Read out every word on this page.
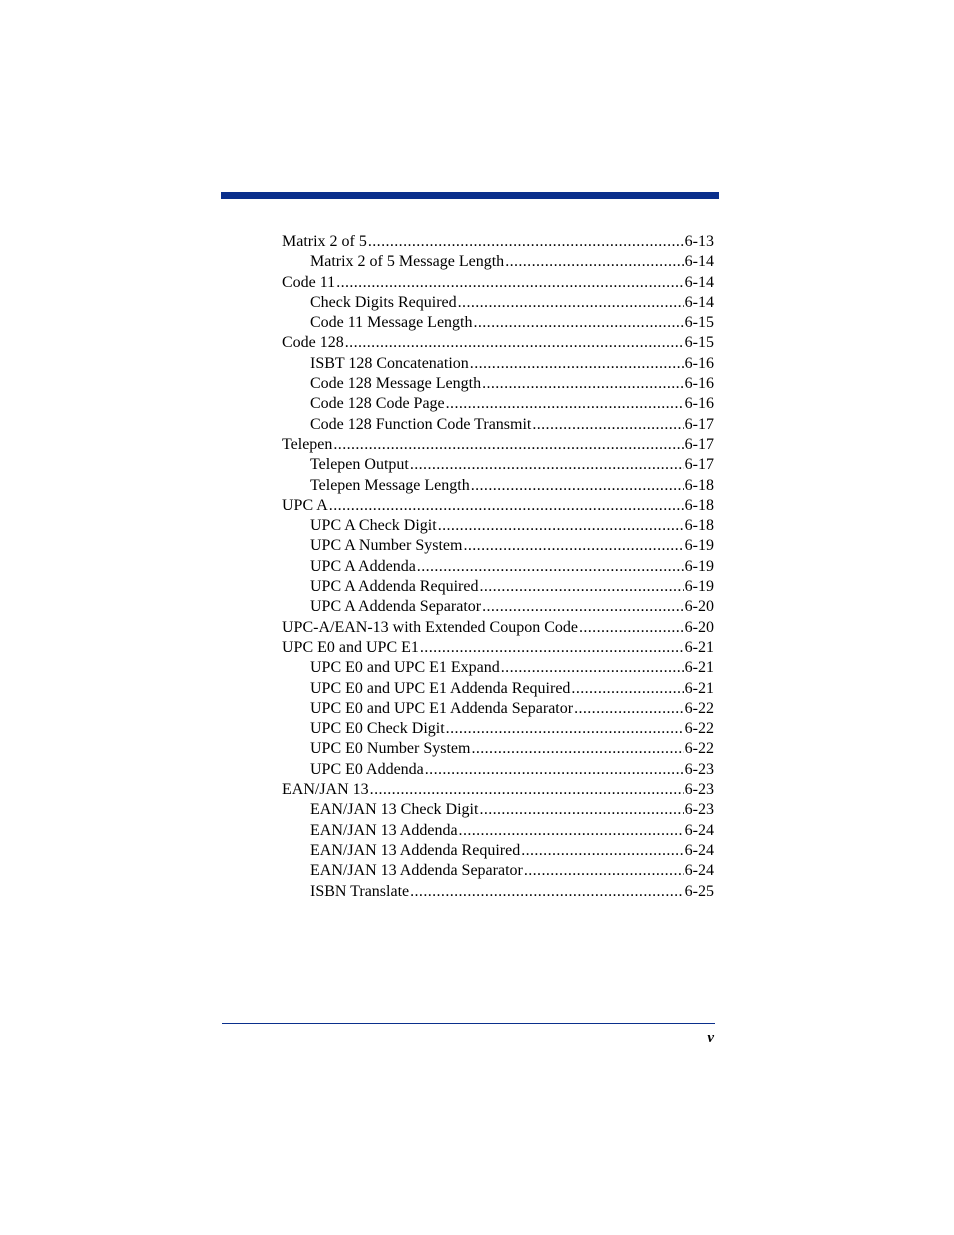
Matrix 2 of 5 .....	6-13
Matrix 2 of 5 Message Length .....	6-14
Code 11 .....	6-14
Check Digits Required .....	6-14
Code 11 Message Length .....	6-15
Code 128 .....	6-15
ISBT 128 Concatenation .....	6-16
Code 128 Message Length .....	6-16
Code 128 Code Page .....	6-16
Code 128 Function Code Transmit .....	6-17
Telepen .....	6-17
Telepen Output .....	6-17
Telepen Message Length .....	6-18
UPC A .....	6-18
UPC A Check Digit .....	6-18
UPC A Number System .....	6-19
UPC A Addenda .....	6-19
UPC A Addenda Required .....	6-19
UPC A Addenda Separator .....	6-20
UPC-A/EAN-13 with Extended Coupon Code .....	6-20
UPC E0 and UPC E1 .....	6-21
UPC E0 and UPC E1 Expand .....	6-21
UPC E0 and UPC E1 Addenda Required .....	6-21
UPC E0 and UPC E1 Addenda Separator .....	6-22
UPC E0 Check Digit .....	6-22
UPC E0 Number System .....	6-22
UPC E0 Addenda .....	6-23
EAN/JAN 13 .....	6-23
EAN/JAN 13 Check Digit .....	6-23
EAN/JAN 13 Addenda .....	6-24
EAN/JAN 13 Addenda Required .....	6-24
EAN/JAN 13 Addenda Separator .....	6-24
ISBN Translate .....	6-25
v
